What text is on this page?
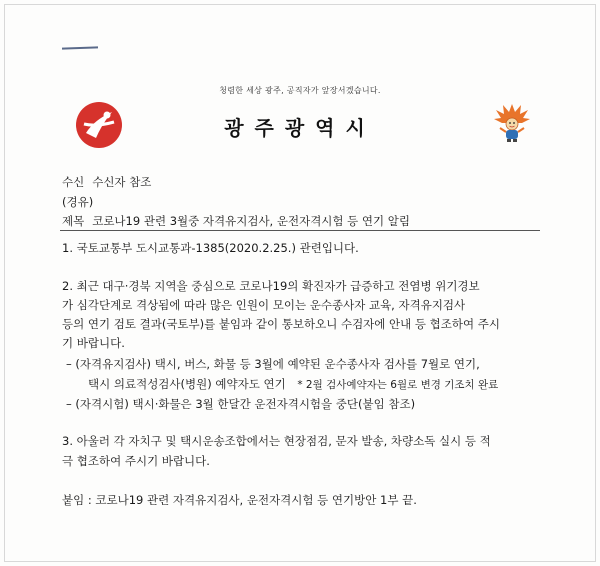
청렴한 세상 광주, 공직자가 앞장서겠습니다.
광주광역시
수신 수신자 참조
(경유)
제목 코로나19 관련 3월중 자격유지검사, 운전자격시험 등 연기 알림
1. 국토교통부 도시교통과-1385(2020.2.25.) 관련입니다.
2. 최근 대구·경북 지역을 중심으로 코로나19의 확진자가 급증하고 전염병 위기경보
가 심각단계로 격상됨에 따라 많은 인원이 모이는 운수종사자 교육, 자격유지검사
등의 연기 검토 결과(국토부)를 붙임과 같이 통보하오니 수검자에 안내 등 협조하여 주시
기 바랍니다.
– (자격유지검사) 택시, 버스, 화물 등 3월에 예약된 운수종사자 검사를 7월로 연기,
택시 의료적성검사(병원) 예약자도 연기 * 2월 검사예약자는 6월로 변경 기조치 완료
– (자격시험) 택시·화물은 3월 한달간 운전자격시험을 중단(붙임 참조)
3. 아울러 각 자치구 및 택시운송조합에서는 현장점검, 문자 발송, 차량소독 실시 등 적
극 협조하여 주시기 바랍니다.
붙임 : 코로나19 관련 자격유지검사, 운전자격시험 등 연기방안 1부 끝.
